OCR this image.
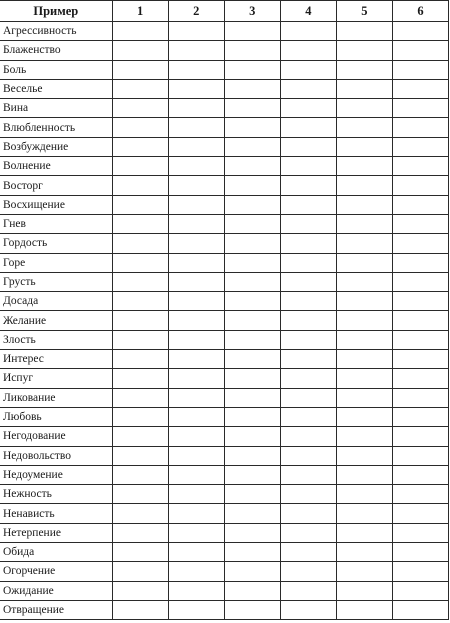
Пример	1	2	3	4	5	6
Агрессивность						
Блаженство						
Боль						
Веселье						
Вина						
Влюбленность						
Возбуждение						
Волнение						
Восторг						
Восхищение						
Гнев						
Гордость						
Горе						
Грусть						
Досада						
Желание						
Злость						
Интерес						
Испуг						
Ликование						
Любовь						
Негодование						
Недовольство						
Недоумение						
Нежность						
Ненависть						
Нетерпение						
Обида						
Огорчение						
Ожидание						
Отвращение						
